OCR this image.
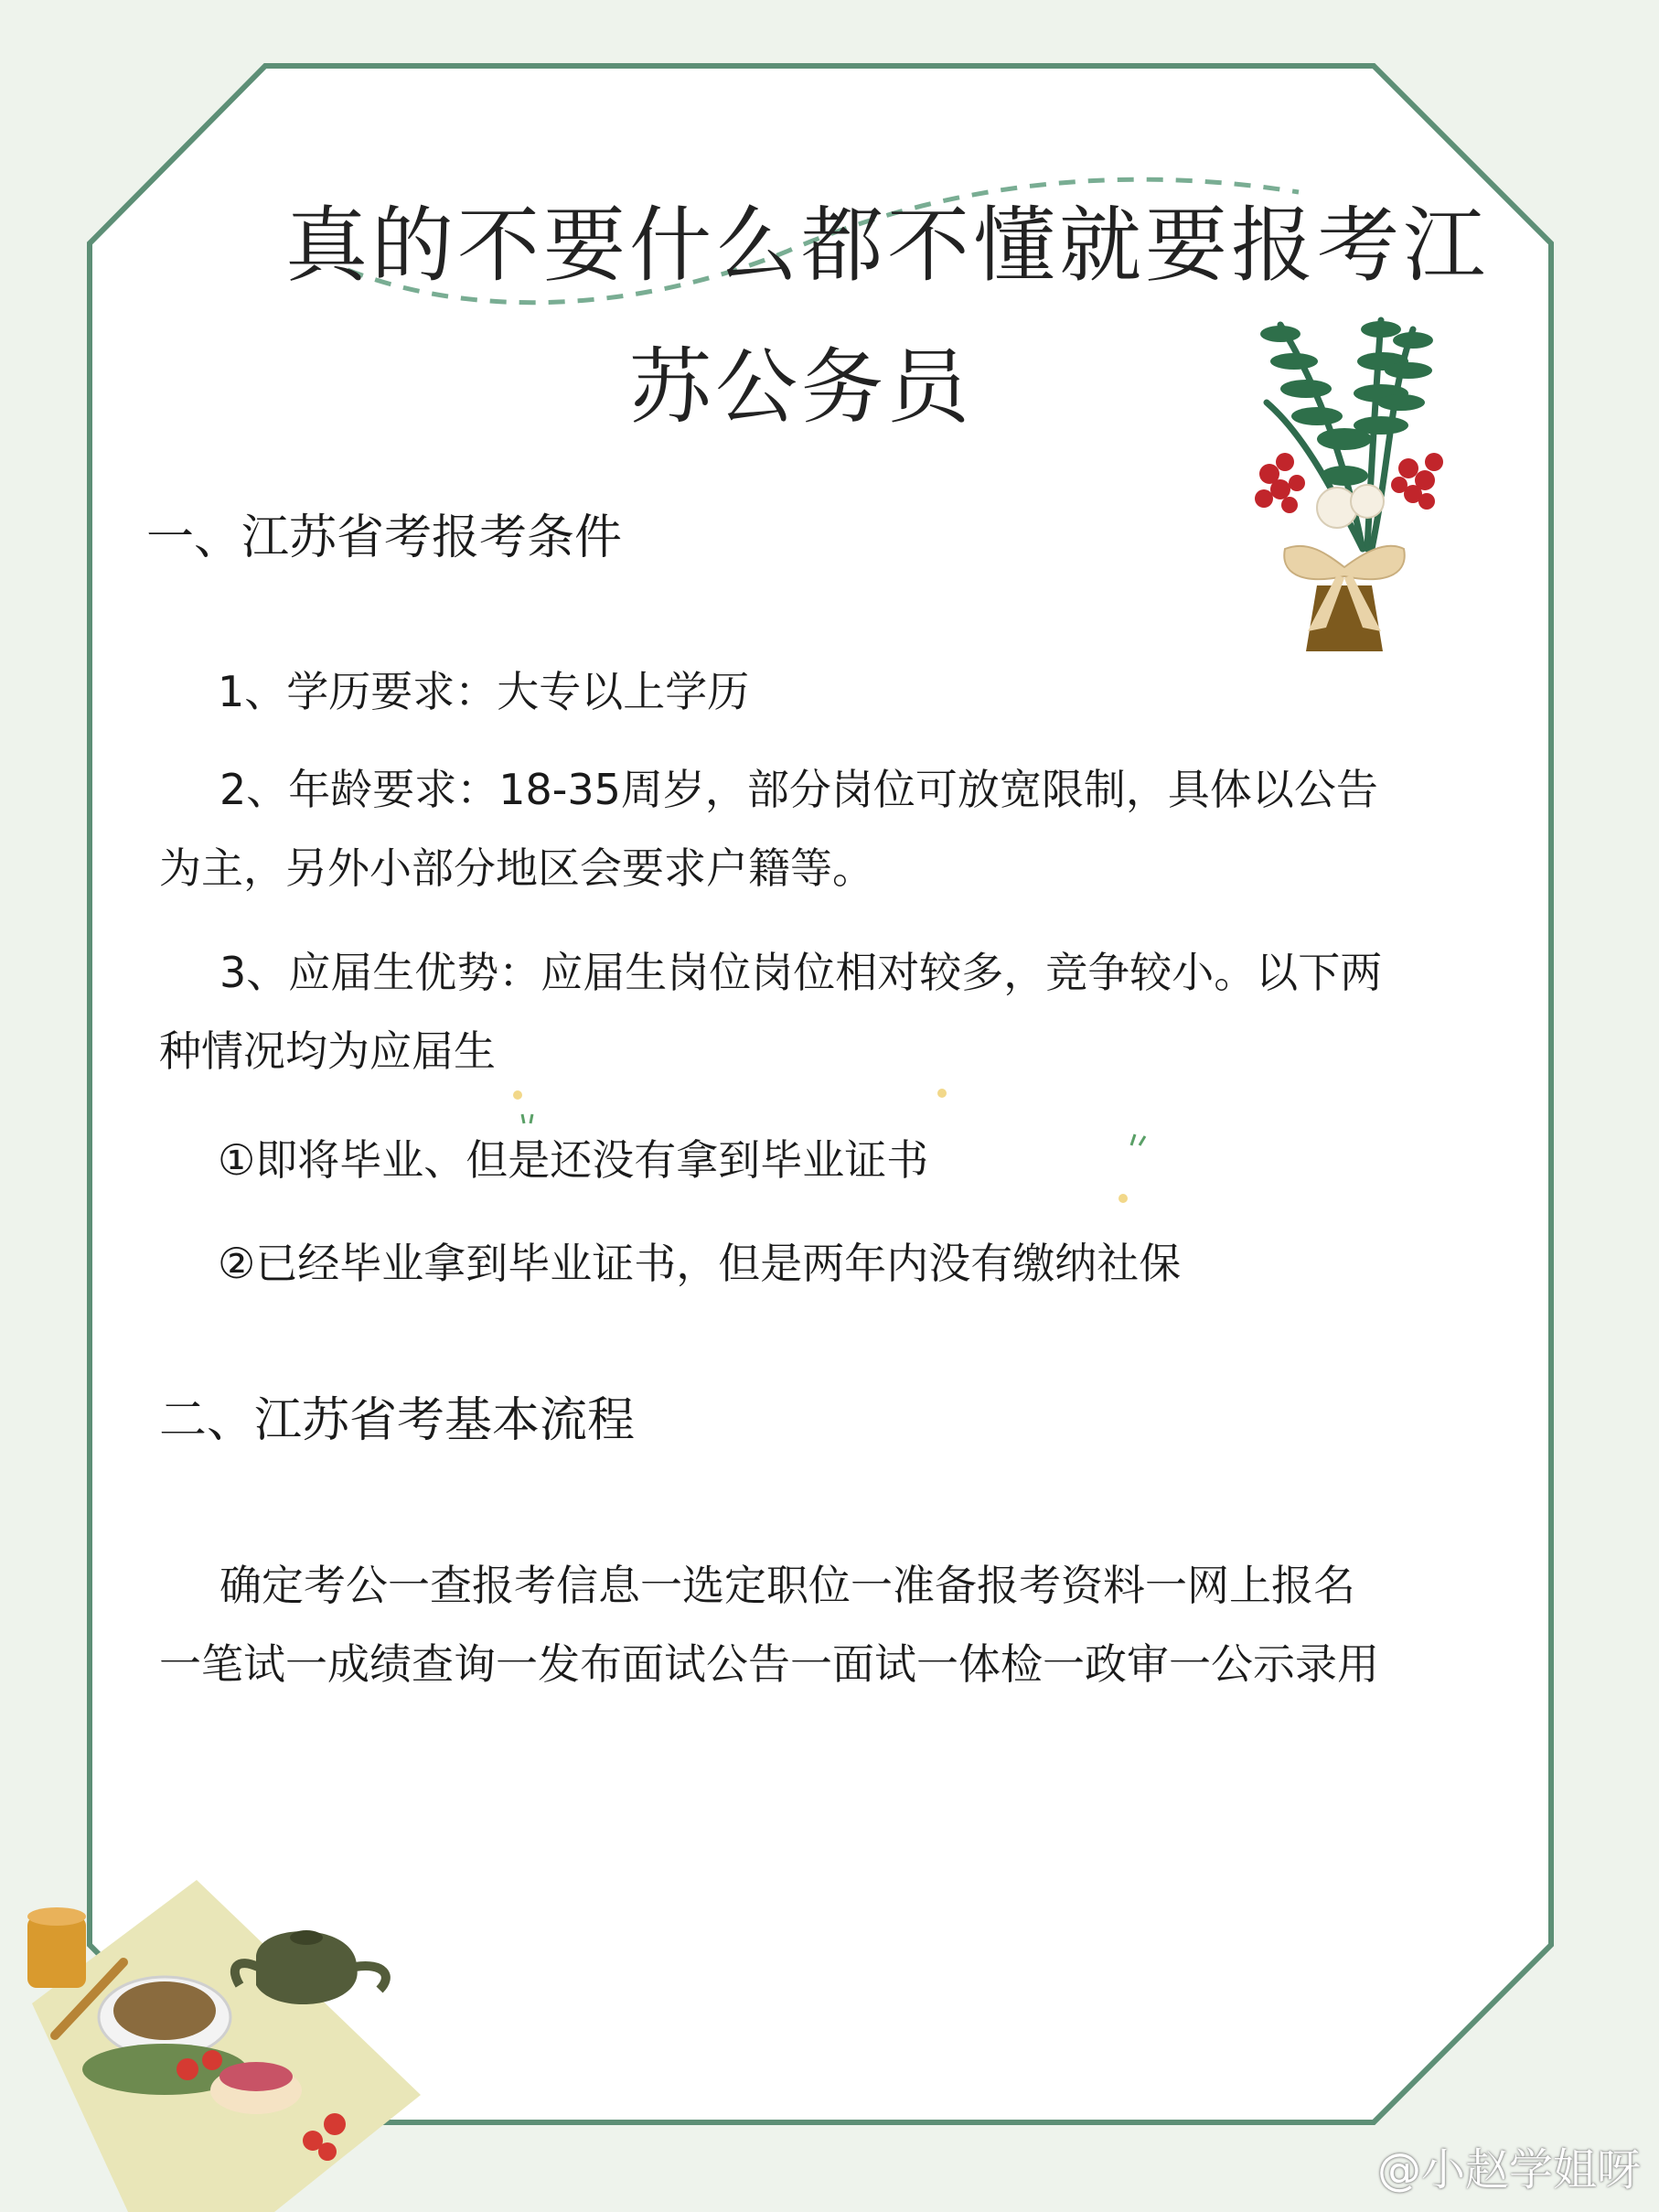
真的不要什么都不懂就要报考江
苏公务员
一、江苏省考报考条件

1、学历要求：大专以上学历

2、年龄要求：18-35周岁，部分岗位可放宽限制，具体以公告为主，另外小部分地区会要求户籍等。

3、应届生优势：应届生岗位岗位相对较多，竞争较小。以下两种情况均为应届生

①即将毕业、但是还没有拿到毕业证书

②已经毕业拿到毕业证书，但是两年内没有缴纳社保

二、江苏省考基本流程

确定考公一查报考信息一选定职位一准备报考资料一网上报名一笔试一成绩查询一发布面试公告一面试一体检一政审一公示录用

@小赵学姐呀
